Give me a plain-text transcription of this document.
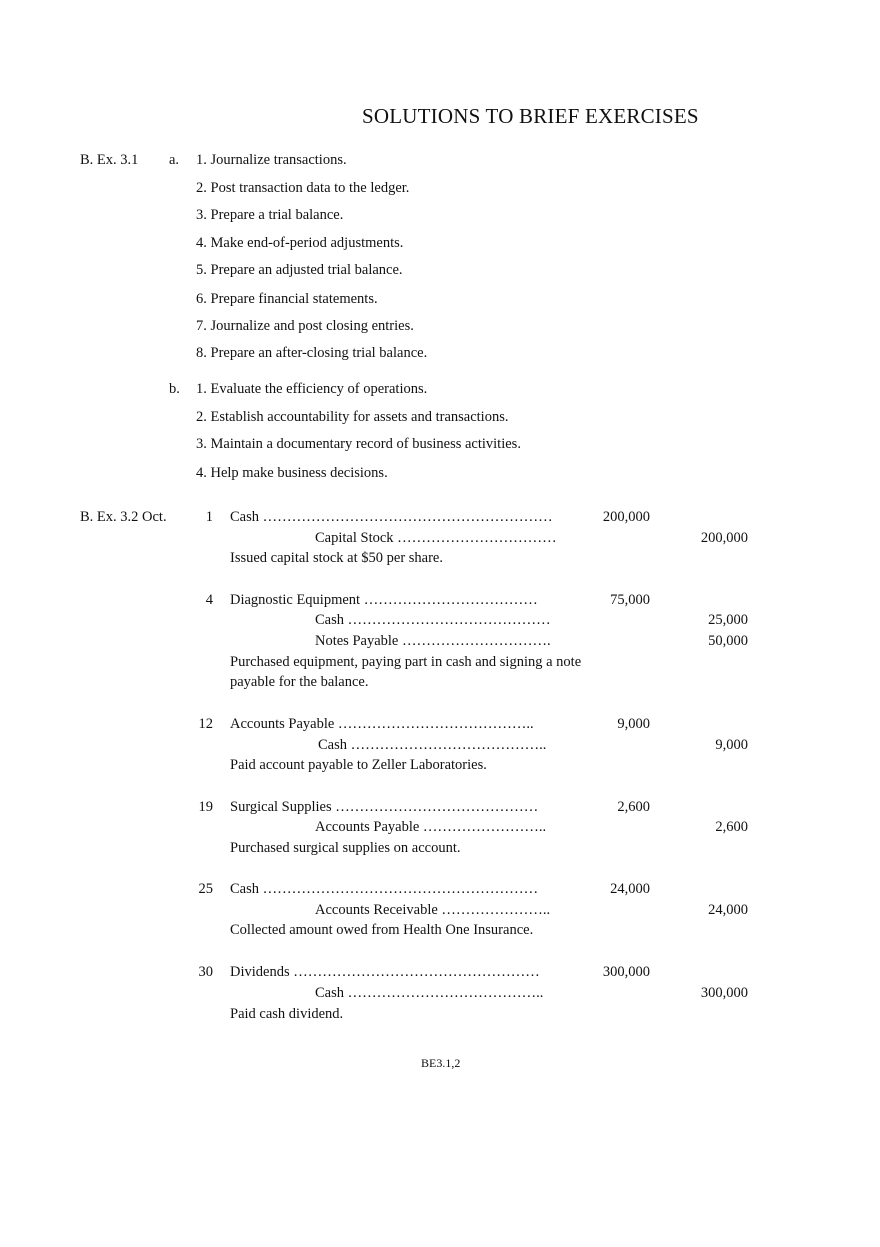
SOLUTIONS TO BRIEF EXERCISES
B. Ex. 3.1 a. 1. Journalize transactions.
2. Post transaction data to the ledger.
3. Prepare a trial balance.
4. Make end-of-period adjustments.
5. Prepare an adjusted trial balance.
6. Prepare financial statements.
7. Journalize and post closing entries.
8. Prepare an after-closing trial balance.
b. 1. Evaluate the efficiency of operations.
2. Establish accountability for assets and transactions.
3. Maintain a documentary record of business activities.
4. Help make business decisions.
B. Ex. 3.2 Oct.	1 Cash ……………………………………………………	200,000
Capital Stock ……………………………	200,000
Issued capital stock at $50 per share.
4 Diagnostic Equipment ………………………………	75,000
Cash ……………………………………	25,000
Notes Payable ………………………….	50,000
Purchased equipment, paying part in cash and signing a note
payable for the balance.
12 Accounts Payable …………………………………..	9,000
Cash …………………………………..	9,000
Paid account payable to Zeller Laboratories.
19 Surgical Supplies ……………………………………	2,600
Accounts Payable ……………………..	2,600
Purchased surgical supplies on account.
25 Cash …………………………………………………	24,000
Accounts Receivable …………………..	24,000
Collected amount owed from Health One Insurance.
30 Dividends ……………………………………………	300,000
Cash …………………………………..	300,000
Paid cash dividend.
BE3.1,2
